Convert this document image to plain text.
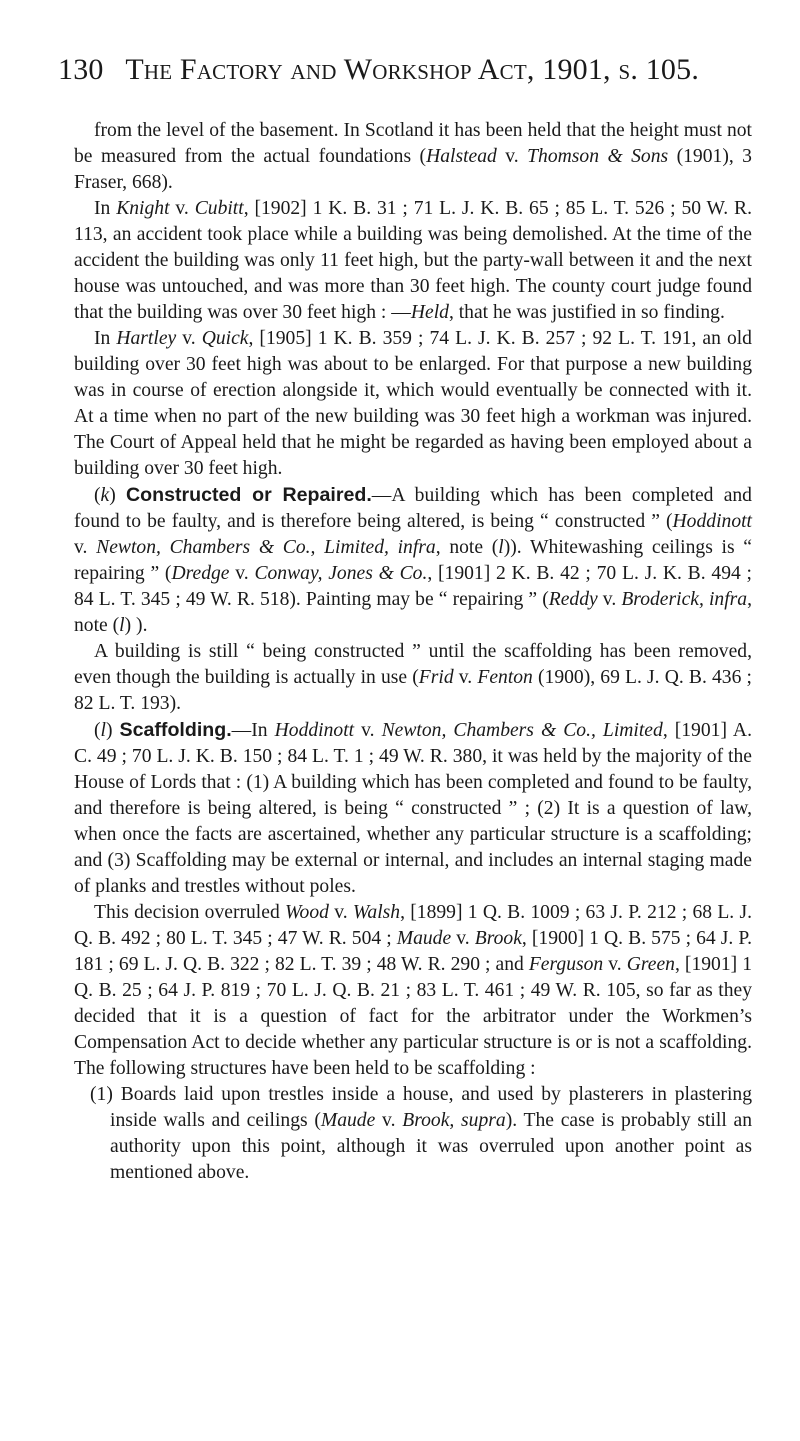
130 The Factory and Workshop Act, 1901, s. 105.

from the level of the basement. In Scotland it has been held that the height must not be measured from the actual foundations (Halstead v. Thomson & Sons (1901), 3 Fraser, 668).

In Knight v. Cubitt, [1902] 1 K. B. 31 ; 71 L. J. K. B. 65 ; 85 L. T. 526 ; 50 W. R. 113, an accident took place while a building was being demolished. At the time of the accident the building was only 11 feet high, but the party-wall between it and the next house was untouched, and was more than 30 feet high. The county court judge found that the building was over 30 feet high : —Held, that he was justified in so finding.

In Hartley v. Quick, [1905] 1 K. B. 359 ; 74 L. J. K. B. 257 ; 92 L. T. 191, an old building over 30 feet high was about to be enlarged. For that purpose a new building was in course of erection alongside it, which would eventually be connected with it. At a time when no part of the new building was 30 feet high a workman was injured. The Court of Appeal held that he might be regarded as having been employed about a building over 30 feet high.

(k) Constructed or Repaired.—A building which has been completed and found to be faulty, and is therefore being altered, is being “ constructed ” (Hoddinott v. Newton, Chambers & Co., Limited, infra, note (l)). Whitewashing ceilings is “ repairing ” (Dredge v. Conway, Jones & Co., [1901] 2 K. B. 42 ; 70 L. J. K. B. 494 ; 84 L. T. 345 ; 49 W. R. 518). Painting may be “ repairing ” (Reddy v. Broderick, infra, note (l) ).

A building is still “ being constructed ” until the scaffolding has been removed, even though the building is actually in use (Frid v. Fenton (1900), 69 L. J. Q. B. 436 ; 82 L. T. 193).

(l) Scaffolding.—In Hoddinott v. Newton, Chambers & Co., Limited, [1901] A. C. 49 ; 70 L. J. K. B. 150 ; 84 L. T. 1 ; 49 W. R. 380, it was held by the majority of the House of Lords that : (1) A building which has been completed and found to be faulty, and therefore is being altered, is being “ constructed ” ; (2) It is a question of law, when once the facts are ascertained, whether any particular structure is a scaffolding; and (3) Scaffolding may be external or internal, and includes an internal staging made of planks and trestles without poles.

This decision overruled Wood v. Walsh, [1899] 1 Q. B. 1009 ; 63 J. P. 212 ; 68 L. J. Q. B. 492 ; 80 L. T. 345 ; 47 W. R. 504 ; Maude v. Brook, [1900] 1 Q. B. 575 ; 64 J. P. 181 ; 69 L. J. Q. B. 322 ; 82 L. T. 39 ; 48 W. R. 290 ; and Ferguson v. Green, [1901] 1 Q. B. 25 ; 64 J. P. 819 ; 70 L. J. Q. B. 21 ; 83 L. T. 461 ; 49 W. R. 105, so far as they decided that it is a question of fact for the arbitrator under the Workmen’s Compensation Act to decide whether any particular structure is or is not a scaffolding. The following structures have been held to be scaffolding :

(1) Boards laid upon trestles inside a house, and used by plasterers in plastering inside walls and ceilings (Maude v. Brook, supra). The case is probably still an authority upon this point, although it was overruled upon another point as mentioned above.
